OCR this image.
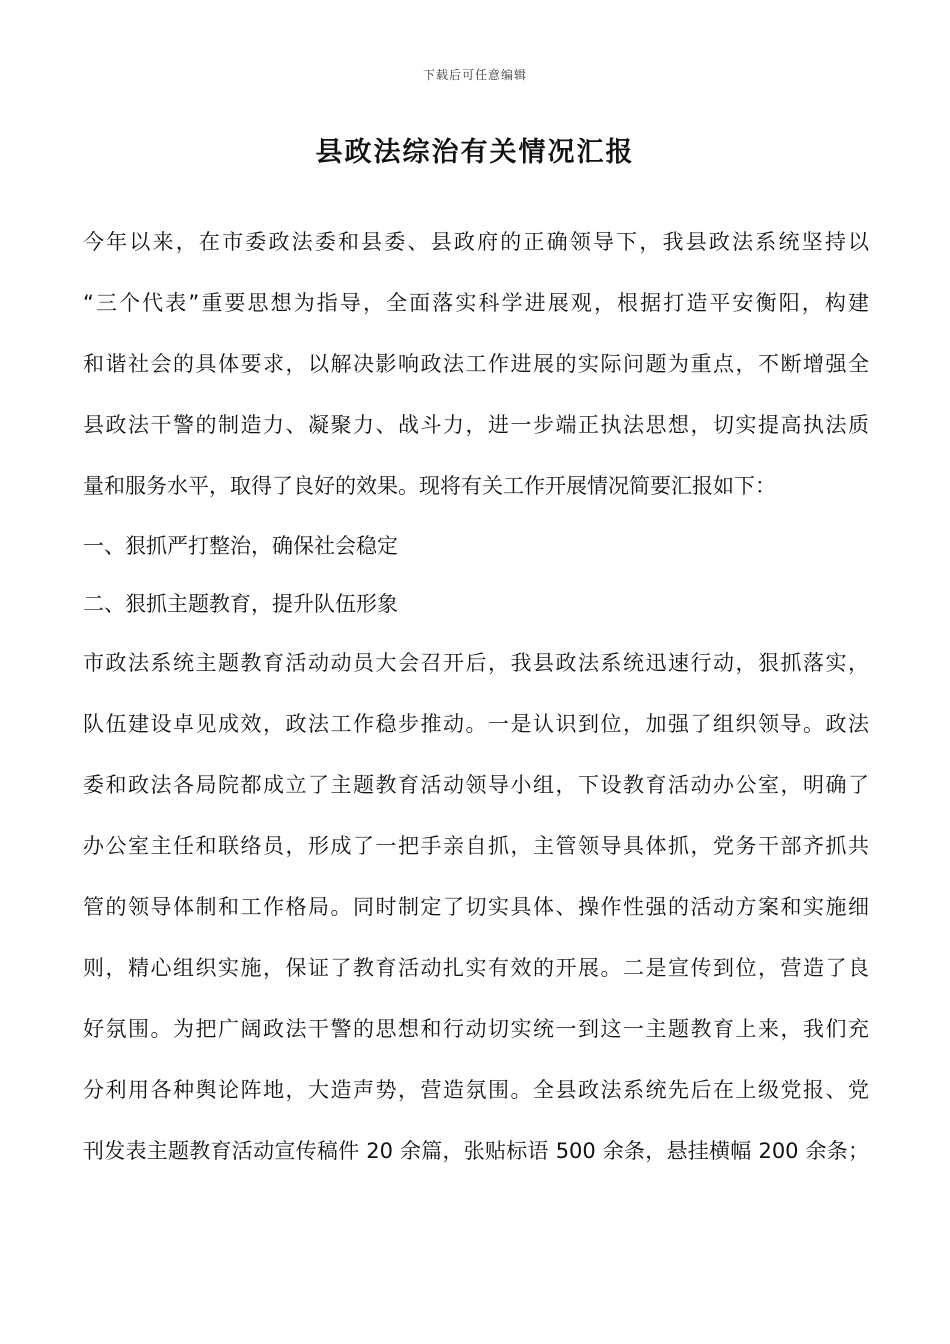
下载后可任意编辑
县政法综治有关情况汇报
今年以来，在市委政法委和县委、县政府的正确领导下，我县政法系统坚持以
“三个代表”重要思想为指导，全面落实科学进展观，根据打造平安衡阳，构建
和谐社会的具体要求，以解决影响政法工作进展的实际问题为重点，不断增强全
县政法干警的制造力、凝聚力、战斗力，进一步端正执法思想，切实提高执法质
量和服务水平，取得了良好的效果。现将有关工作开展情况简要汇报如下：
一、狠抓严打整治，确保社会稳定
二、狠抓主题教育，提升队伍形象
市政法系统主题教育活动动员大会召开后，我县政法系统迅速行动，狠抓落实，
队伍建设卓见成效，政法工作稳步推动。一是认识到位，加强了组织领导。政法
委和政法各局院都成立了主题教育活动领导小组，下设教育活动办公室，明确了
办公室主任和联络员，形成了一把手亲自抓，主管领导具体抓，党务干部齐抓共
管的领导体制和工作格局。同时制定了切实具体、操作性强的活动方案和实施细
则，精心组织实施，保证了教育活动扎实有效的开展。二是宣传到位，营造了良
好氛围。为把广阔政法干警的思想和行动切实统一到这一主题教育上来，我们充
分利用各种舆论阵地，大造声势，营造氛围。全县政法系统先后在上级党报、党
刊发表主题教育活动宣传稿件 20 余篇，张贴标语 500 余条，悬挂横幅 200 余条；
